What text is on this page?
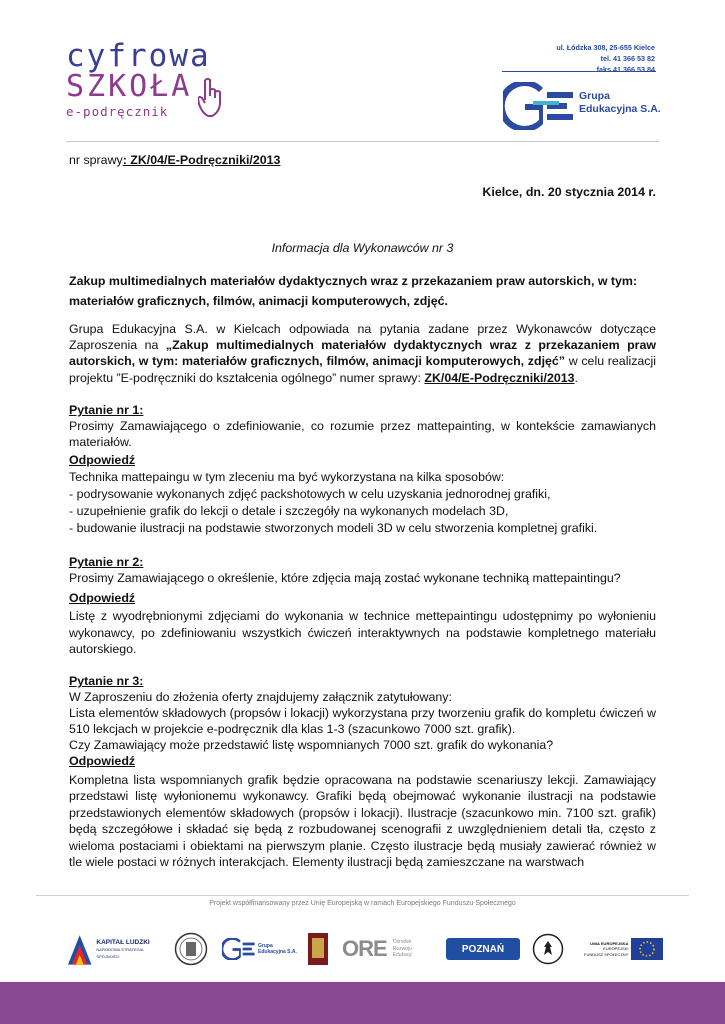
cyfrowa
SZKOŁA
e-podręcznik
ul. Łódzka 308, 25-655 Kielce
tel. 41 366 53 82
faks 41 366 53 84
Grupa
Edukacyjna S.A.
nr sprawy: ZK/04/E-Podręczniki/2013
Kielce, dn. 20 stycznia 2014 r.
Informacja dla Wykonawców nr 3
Zakup multimedialnych materiałów dydaktycznych wraz z przekazaniem praw autorskich, w tym:
materiałów graficznych, filmów, animacji komputerowych, zdjęć.
Grupa Edukacyjna S.A. w Kielcach odpowiada na pytania zadane przez Wykonawców dotyczące Zaproszenia na „Zakup multimedialnych materiałów dydaktycznych wraz z przekazaniem praw autorskich, w tym: materiałów graficznych, filmów, animacji komputerowych, zdjęć” w celu realizacji projektu ”E-podręczniki do kształcenia ogólnego” numer sprawy: ZK/04/E-Podręczniki/2013.
Pytanie nr 1:
Prosimy Zamawiającego o zdefiniowanie, co rozumie przez mattepainting, w kontekście zamawianych materiałów.
Odpowiedź
Technika mattepaingu w tym zleceniu ma być wykorzystana na kilka sposobów:
- podrysowanie wykonanych zdjęć packshotowych w celu uzyskania jednorodnej grafiki,
- uzupełnienie grafik do lekcji o detale i szczegóły na wykonanych modelach 3D,
- budowanie ilustracji na podstawie stworzonych modeli 3D w celu stworzenia kompletnej grafiki.
Pytanie nr 2:
Prosimy Zamawiającego o określenie, które zdjęcia mają zostać wykonane techniką mattepaintingu?
Odpowiedź
Listę z wyodrębnionymi zdjęciami do wykonania w technice mettepaintingu udostępnimy po wyłonieniu wykonawcy, po zdefiniowaniu wszystkich ćwiczeń interaktywnych na podstawie kompletnego materiału autorskiego.
Pytanie nr 3:
W Zaproszeniu do złożenia oferty znajdujemy załącznik zatytułowany:
Lista elementów składowych (propsów i lokacji) wykorzystana przy tworzeniu grafik do kompletu ćwiczeń w 510 lekcjach w projekcie e-podręcznik dla klas 1-3 (szacunkowo 7000 szt. grafik).
Czy Zamawiający może przedstawić listę wspomnianych 7000 szt. grafik do wykonania?
Odpowiedź
Kompletna lista wspomnianych grafik będzie opracowana na podstawie scenariuszy lekcji. Zamawiający przedstawi listę wyłonionemu wykonawcy. Grafiki będą obejmować wykonanie ilustracji na podstawie przedstawionych elementów składowych (propsów i lokacji). Ilustracje (szacunkowo min. 7100 szt. grafik) będą szczegółowe i składać się będą z rozbudowanej scenografii z uwzględnieniem detali tła, często z wieloma postaciami i obiektami na pierwszym planie. Często ilustracje będą musiały zawierać również w tle wiele postaci w różnych interakcjach. Elementy ilustracji będą zamieszczane na warstwach
Projekt współfinansowany przez Unię Europejską w ramach Europejskiego Funduszu Społecznego
KAPITAŁ LUDZKI
NARODOWA STRATEGIA SPÓJNOŚCI
Grupa
Edukacyjna S.A. ORE Ośrodek
Rozwoju
Edukacji
POZNAŃ
UNIA EUROPEJSKA
EUROPEJSKI
FUNDUSZ SPOŁECZNY
